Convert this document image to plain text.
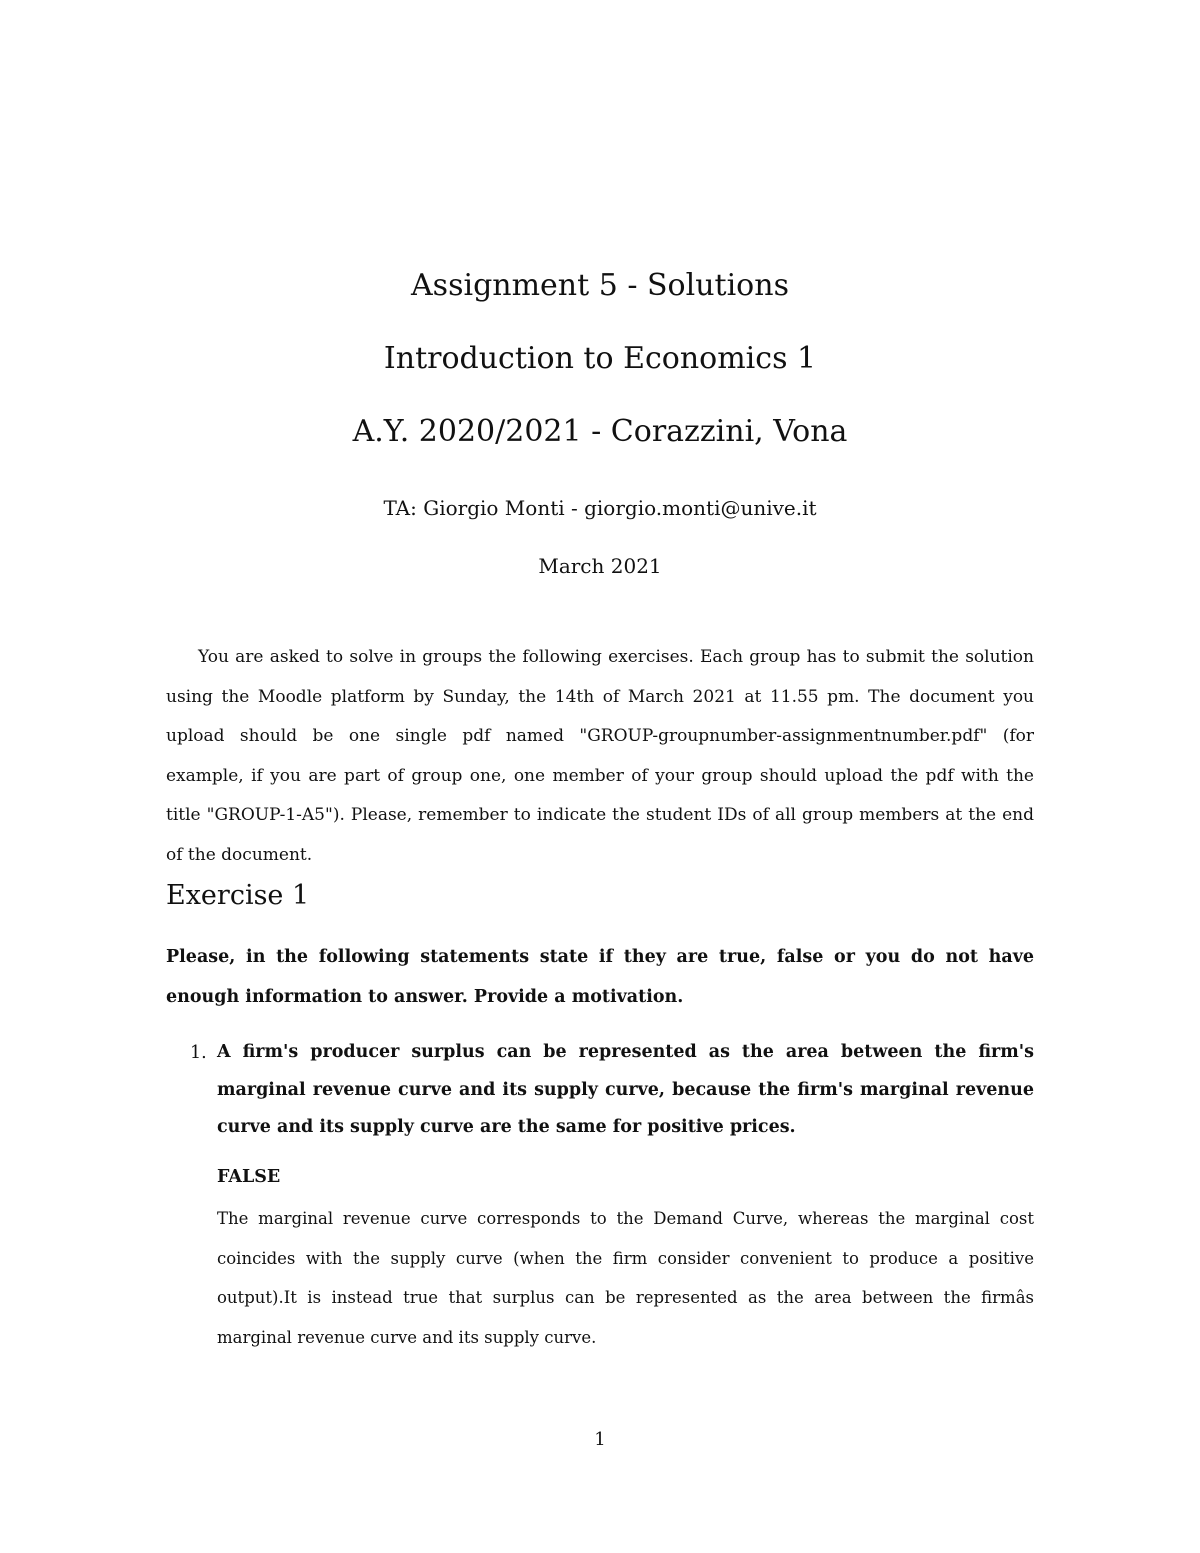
Assignment 5 - Solutions
Introduction to Economics 1
A.Y. 2020/2021 - Corazzini, Vona
TA: Giorgio Monti - giorgio.monti@unive.it
March 2021

You are asked to solve in groups the following exercises. Each group has to submit the solution using the Moodle platform by Sunday, the 14th of March 2021 at 11.55 pm. The document you upload should be one single pdf named "GROUP-groupnumber-assignmentnumber.pdf" (for example, if you are part of group one, one member of your group should upload the pdf with the title "GROUP-1-A5"). Please, remember to indicate the student IDs of all group members at the end of the document.

Exercise 1

Please, in the following statements state if they are true, false or you do not have enough information to answer. Provide a motivation.

1. A firm's producer surplus can be represented as the area between the firm's marginal revenue curve and its supply curve, because the firm's marginal revenue curve and its supply curve are the same for positive prices.

FALSE

The marginal revenue curve corresponds to the Demand Curve, whereas the marginal cost coincides with the supply curve (when the firm consider convenient to produce a positive output).It is instead true that surplus can be represented as the area between the firmâs marginal revenue curve and its supply curve.

1
